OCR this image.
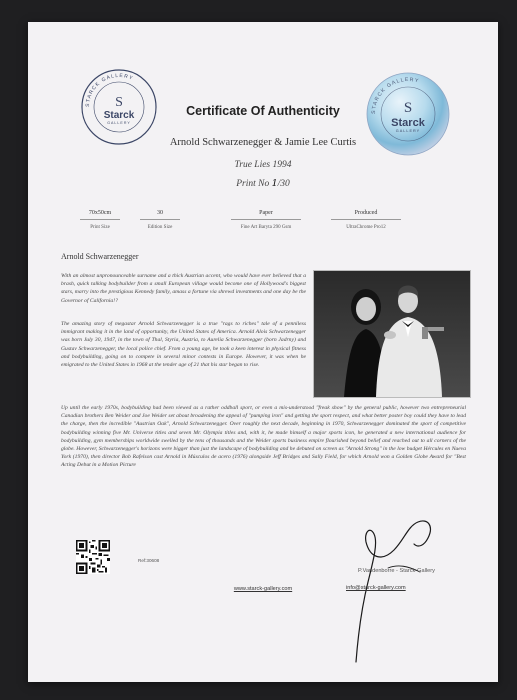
STARCK GALLERY
S
Starck
GALLERY
STARCK GALLERY
S
Starck
GALLERY
Certificate Of Authenticity
Arnold Schwarzenegger & Jamie Lee Curtis
True Lies 1994
Print No 1/30
70x50cm
Print Size
30
Edition Size
Paper
Fine Art Baryta 290 Gsm
Produced
UltraChrome Pro12
Arnold Schwarzenegger

With an almost unpronounceable surname and a thick Austrian accent, who would have ever believed that a brash, quick talking bodybuilder from a small European village would become one of Hollywood's biggest stars, marry into the prestigious Kennedy family, amass a fortune via shrewd investments and one day be the Governor of California!?

The amazing story of megastar Arnold Schwarzenegger is a true "rags to riches" tale of a penniless immigrant making it in the land of opportunity, the United States of America. Arnold Alois Schwarzenegger was born July 30, 1947, in the town of Thal, Styria, Austria, to Aurelia Schwarzenegger (born Jadrny) and Gustav Schwarzenegger, the local police chief. From a young age, he took a keen interest in physical fitness and bodybuilding, going on to compete in several minor contests in Europe. However, it was when he emigrated to the United States in 1968 at the tender age of 21 that his star began to rise.

Up until the early 1970s, bodybuilding had been viewed as a rather oddball sport, or even a mis-understood "freak show" by the general public, however two entrepreneurial Canadian brothers Ben Weider and Joe Weider set about broadening the appeal of "pumping iron" and getting the sport respect, and what better poster boy could they have to lead the charge, then the incredible "Austrian Oak", Arnold Schwarzenegger. Over roughly the next decade, beginning in 1970, Schwarzenegger dominated the sport of competitive bodybuilding winning five Mr. Universe titles and seven Mr. Olympia titles and, with it, he made himself a major sports icon, he generated a new international audience for bodybuilding, gym memberships worldwide swelled by the tens of thousands and the Weider sports business empire flourished beyond belief and reached out to all corners of the globe. However, Schwarzenegger's horizons were bigger than just the landscape of bodybuilding and he debuted on screen as "Arnold Strong" in the low budget Hércules en Nueva York (1970), then director Bob Rafelson cast Arnold in Músculos de acero (1976) alongside Jeff Bridges and Sally Field, for which Arnold won a Golden Globe Award for "Best Acting Debut in a Motion Picture

Ref:30608
P.Vandenborre - Starck-Gallery
www.starck-gallery.com	info@starck-gallery.com
